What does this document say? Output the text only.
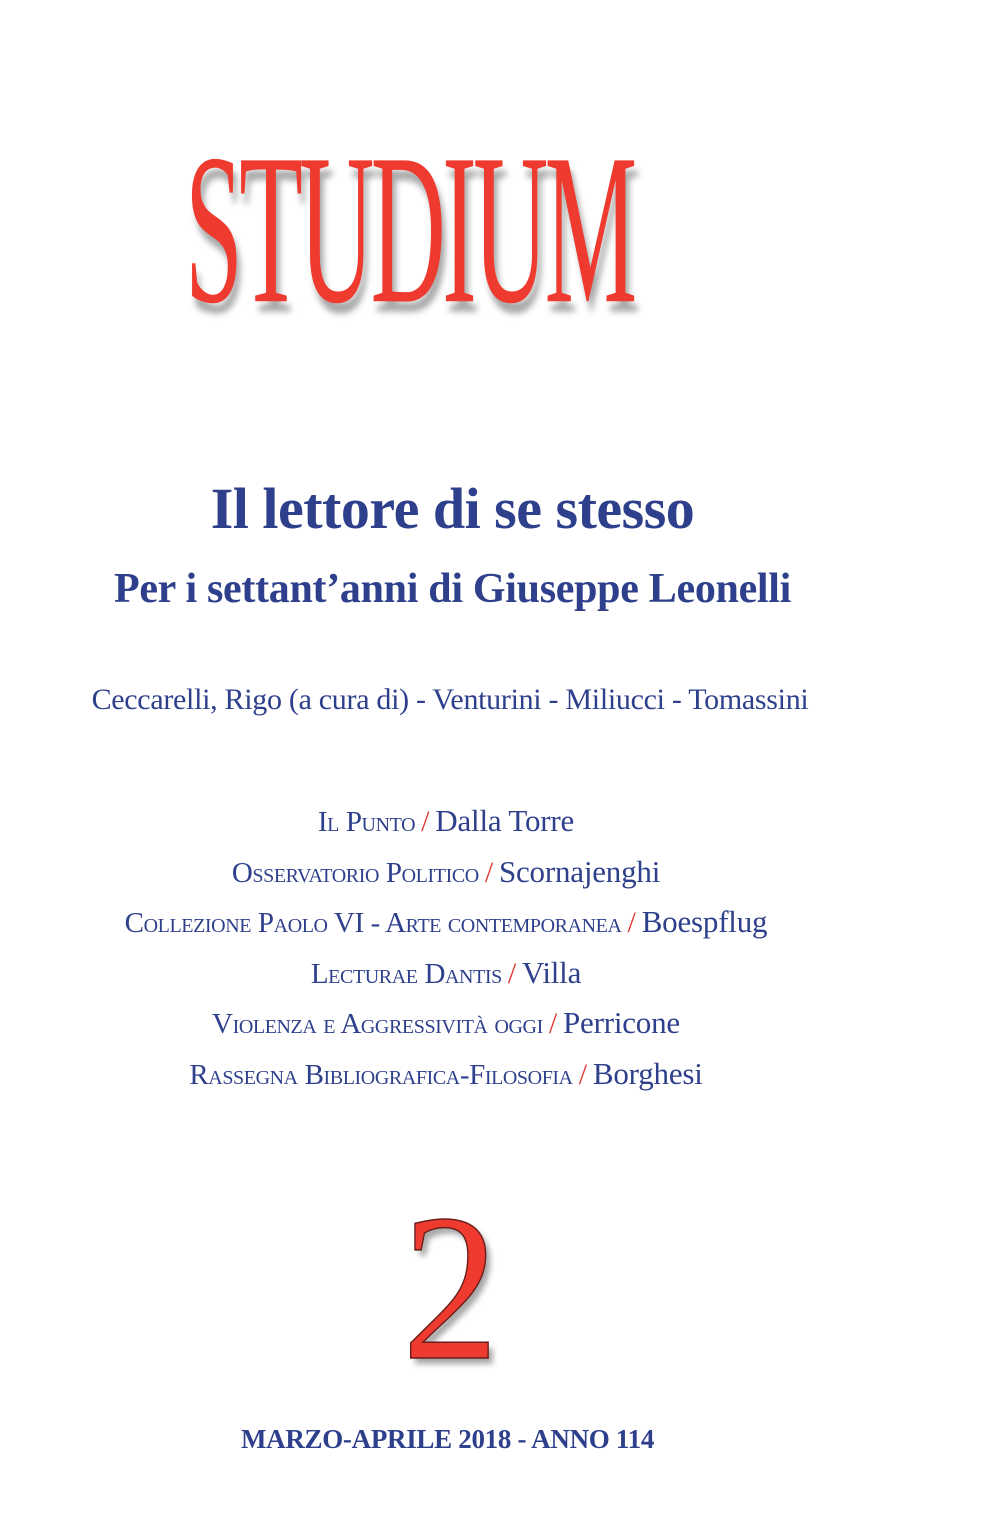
STUDIUM
Il lettore di se stesso
Per i settant’anni di Giuseppe Leonelli
Ceccarelli, Rigo (a cura di) - Venturini - Miliucci - Tomassini
Il Punto / Dalla Torre
Osservatorio Politico / Scornajenghi
Collezione Paolo VI - Arte contemporanea / Boespflug
Lecturae Dantis / Villa
Violenza e Aggressività oggi / Perricone
Rassegna Bibliografica-Filosofia / Borghesi
2
MARZO-APRILE 2018 - ANNO 114
